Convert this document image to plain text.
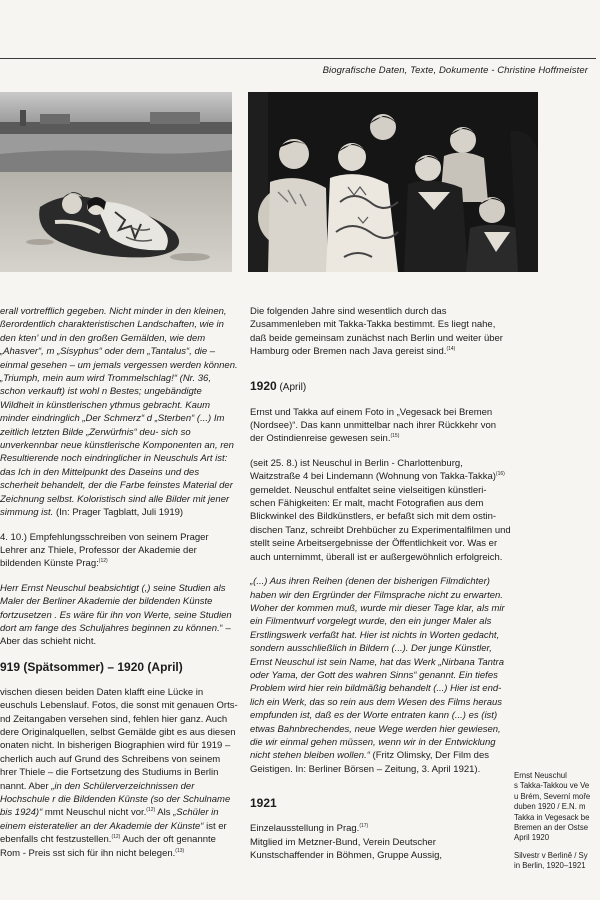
Biografische Daten, Texte, Dokumente - Christine Hoffmeister

erall vortrefflich gegeben. Nicht minder in den kleinen, ßerordentlich charakteristischen Landschaften, wie in den kten' und in den großen Gemälden, wie dem „Ahasver“, m „Sisyphus“ oder dem „Tantalus“, die – einmal gesehen – um jemals vergessen werden können. „Triumph, mein aum wird Trommelschlag!“ (Nr. 36, schon verkauft) ist wohl n Bestes; ungebändigte Wildheit in künstlerischen ythmus gebracht. Kaum minder eindringlich „Der Schmerz“ d „Sterben“ (...) Im zeitlich letzten Bilde „Zerwürfnis“ deu- sich so unverkennbar neue künstlerische Komponenten an, ren Resultierende noch eindringlicher in Neuschuls Art ist: das Ich in den Mittelpunkt des Daseins und des scherheit behandelt, der die Farbe feinstes Material der Zeichnung selbst. Koloristisch sind alle Bilder mit jener simmung ist. (In: Prager Tagblatt, Juli 1919)

4. 10.) Empfehlungsschreiben von seinem Prager Lehrer anz Thiele, Professor der Akademie der bildenden Künste Prag:$^{(12)}$

Herr Ernst Neuschul beabsichtigt (,) seine Studien als Maler der Berliner Akademie der bildenden Künste fortzusetzen . Es wäre für ihn von Werte, seine Studien dort am fange des Schuljahres beginnen zu können.“ – Aber das schieht nicht.

919 (Spätsommer) – 1920 (April)

vischen diesen beiden Daten klafft eine Lücke in euschuls Lebenslauf. Fotos, die sonst mit genauen Orts- nd Zeitangaben versehen sind, fehlen hier ganz. Auch dere Originalquellen, selbst Gemälde gibt es aus diesen onaten nicht. In bisherigen Biographien wird für 1919 – cherlich auch auf Grund des Schreibens von seinem hrer Thiele – die Fortsetzung des Studiums in Berlin nannt. Aber „in den Schülerverzeichnissen der Hochschule r die Bildenden Künste (so der Schulname bis 1924)“ mmt Neuschul nicht vor.$^{(12)}$ Als „Schüler in einem eisteratelier an der Akademie der Künste“ ist er ebenfalls cht festzustellen.$^{(12)}$ Auch der oft genannte Rom - Preis sst sich für ihn nicht belegen.$^{(13)}$

Die folgenden Jahre sind wesentlich durch das Zusammenleben mit Takka-Takka bestimmt. Es liegt nahe, daß beide gemeinsam zunächst nach Berlin und weiter über Hamburg oder Bremen nach Java gereist sind.$^{(14)}$

1920 (April)

Ernst und Takka auf einem Foto in „Vegesack bei Bremen (Nordsee)“. Das kann unmittelbar nach ihrer Rückkehr von der Ostindienreise gewesen sein.$^{(15)}$

(seit 25. 8.) ist Neuschul in Berlin - Charlottenburg, Waitzstraße 4 bei Lindemann (Wohnung von Takka-Takka)$^{(16)}$ gemeldet. Neuschul entfaltet seine vielseitigen künstleri- schen Fähigkeiten: Er malt, macht Fotografien aus dem Blickwinkel des Bildkünstlers, er befaßt sich mit dem ostin- dischen Tanz, schreibt Drehbücher zu Experimentalfilmen und stellt seine Arbeitsergebnisse der Öffentlichkeit vor. Was er auch unternimmt, überall ist er außergewöhnlich erfolgreich.

„(...) Aus ihren Reihen (denen der bisherigen Filmdichter) haben wir den Ergründer der Filmsprache nicht zu erwarten. Woher der kommen muß, wurde mir dieser Tage klar, als mir ein Filmentwurf vorgelegt wurde, den ein junger Maler als Erstlingswerk verfaßt hat. Hier ist nichts in Worten gedacht, sondern ausschließlich in Bildern (...). Der junge Künstler, Ernst Neuschul ist sein Name, hat das Werk „Nirbana Tantra oder Yama, der Gott des wahren Sinns“ genannt. Ein tiefes Problem wird hier rein bildmäßig behandelt (...) Hier ist end- lich ein Werk, das so rein aus dem Wesen des Films heraus empfunden ist, daß es der Worte entraten kann (...) es (ist) etwas Bahnbrechendes, neue Wege werden hier gewiesen, die wir einmal gehen müssen, wenn wir in der Entwicklung nicht stehen bleiben wollen.“ (Fritz Olimsky, Der Film des Geistigen. In: Berliner Börsen – Zeitung, 3. April 1921).

1921

Einzelausstellung in Prag.$^{(17)}$

Mitglied im Metzner-Bund, Verein Deutscher Kunstschaffender in Böhmen, Gruppe Aussig,

Ernst Neuschul

s Takka-Takkou ve Ve

u Brém, Severní moře

duben 1920 / E.N. m

Takka in Vegesack be

Bremen an der Ostse

April 1920

Silvestr v Berlině / Sy

in Berlin, 1920–1921
